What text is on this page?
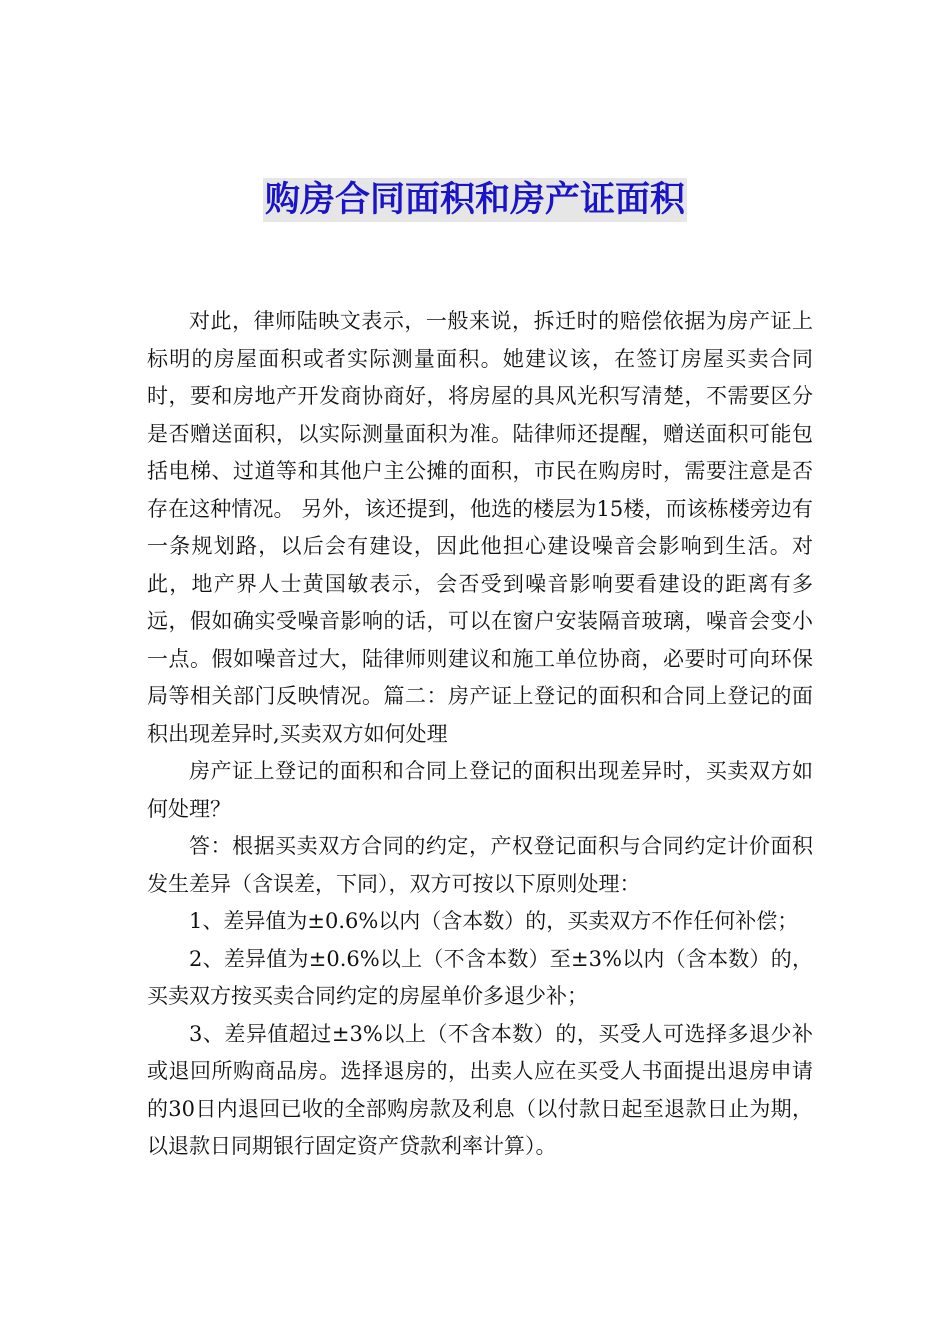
购房合同面积和房产证面积

对此，律师陆映文表示，一般来说，拆迁时的赔偿依据为房产证上标明的房屋面积或者实际测量面积。她建议该，在签订房屋买卖合同时，要和房地产开发商协商好，将房屋的具风光积写清楚，不需要区分是否赠送面积，以实际测量面积为准。陆律师还提醒，赠送面积可能包括电梯、过道等和其他户主公摊的面积，市民在购房时，需要注意是否存在这种情况。 另外，该还提到，他选的楼层为15楼，而该栋楼旁边有一条规划路，以后会有建设，因此他担心建设噪音会影响到生活。对此，地产界人士黄国敏表示，会否受到噪音影响要看建设的距离有多远，假如确实受噪音影响的话，可以在窗户安装隔音玻璃，噪音会变小一点。假如噪音过大，陆律师则建议和施工单位协商，必要时可向环保局等相关部门反映情况。篇二：房产证上登记的面积和合同上登记的面积出现差异时,买卖双方如何处理

房产证上登记的面积和合同上登记的面积出现差异时，买卖双方如何处理？

答：根据买卖双方合同的约定，产权登记面积与合同约定计价面积发生差异（含误差，下同），双方可按以下原则处理：

1、差异值为±0.6%以内（含本数）的，买卖双方不作任何补偿；

2、差异值为±0.6%以上（不含本数）至±3%以内（含本数）的，买卖双方按买卖合同约定的房屋单价多退少补；

3、差异值超过±3%以上（不含本数）的，买受人可选择多退少补或退回所购商品房。选择退房的，出卖人应在买受人书面提出退房申请的30日内退回已收的全部购房款及利息（以付款日起至退款日止为期，以退款日同期银行固定资产贷款利率计算）。
